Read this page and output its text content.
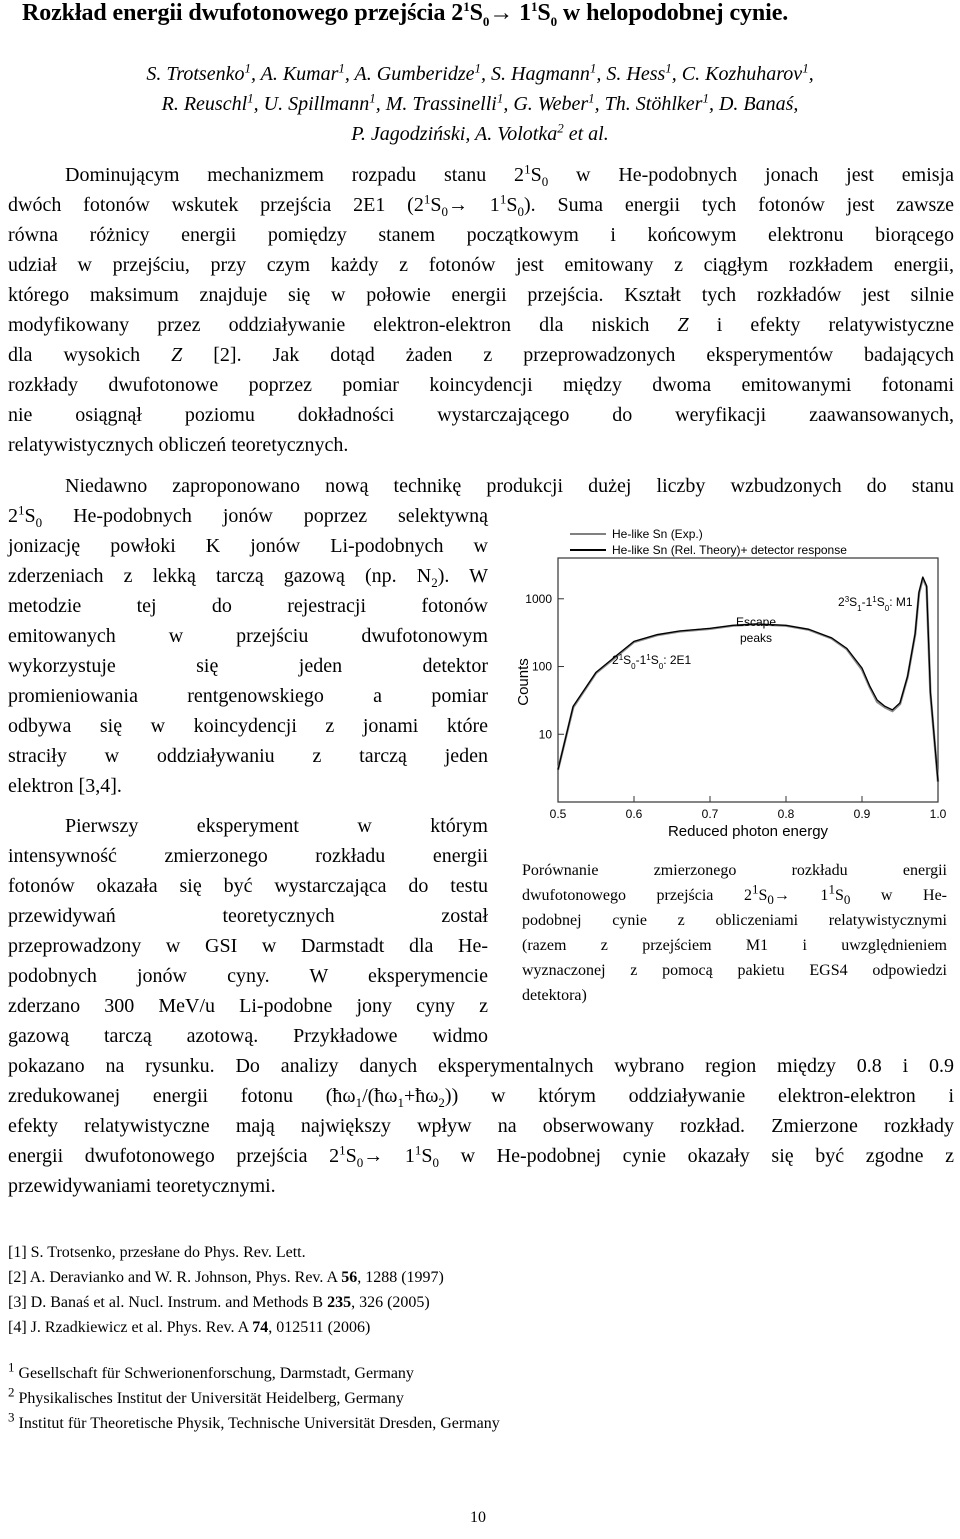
Rozkład energii dwufotonowego przejścia $2^1S_0\to 1^1S_0$ w helopodobnej cynie.
S. Trotsenko$^1$, A. Kumar$^1$, A. Gumberidze$^1$, S. Hagmann$^1$, S. Hess$^1$, C. Kozhuharov$^1$,
R. Reuschl$^1$, U. Spillmann$^1$, M. Trassinelli$^1$, G. Weber$^1$, Th. Stöhlker$^1$, D. Banaś,
P. Jagodziński, A. Volotka$^2$ et al.
Dominującym mechanizmem rozpadu stanu $2^1S_0$ w He-podobnych jonach jest emisja
dwóch fotonów wskutek przejścia 2E1 $(2^1S_0\to 1^1S_0)$. Suma energii tych fotonów jest zawsze
równa różnicy energii pomiędzy stanem początkowym i końcowym elektronu biorącego
udział w przejściu, przy czym każdy z fotonów jest emitowany z ciągłym rozkładem energii,
którego maksimum znajduje się w połowie energii przejścia. Kształt tych rozkładów jest silnie
modyfikowany przez oddziaływanie elektron-elektron dla niskich Z i efekty relatywistyczne
dla wysokich Z [2]. Jak dotąd żaden z przeprowadzonych eksperymentów badających
rozkłady dwufotonowe poprzez pomiar koincydencji między dwoma emitowanymi fotonami
nie osiągnął poziomu dokładności wystarczającego do weryfikacji zaawansowanych,
relatywistycznych obliczeń teoretycznych.
Niedawno zaproponowano nową technikę produkcji dużej liczby wzbudzonych do stanu
$2^1S_0$ He-podobnych jonów poprzez selektywną
jonizację powłoki K jonów Li-podobnych w
zderzeniach z lekką tarczą gazową (np. $N_2$). W
metodzie tej do rejestracji fotonów
emitowanych w przejściu dwufotonowym
wykorzystuje się jeden detektor
promieniowania rentgenowskiego a pomiar
odbywa się w koincydencji z jonami które
straciły w oddziaływaniu z tarczą jeden
elektron [3,4].
Pierwszy eksperyment w którym
intensywność zmierzonego rozkładu energii
fotonów okazała się być wystarczająca do testu
przewidywań teoretycznych został
przeprowadzony w GSI w Darmstadt dla He-
podobnych jonów cyny. W eksperymencie
zderzano 300 MeV/u Li-podobne jony cyny z
gazową tarczą azotową. Przykładowe widmo
pokazano na rysunku. Do analizy danych eksperymentalnych wybrano region między 0.8 i 0.9
zredukowanej energii fotonu $(ħ\omega_1/(ħ\omega_1+ħ\omega_2))$ w którym oddziaływanie elektron-elektron i
efekty relatywistyczne mają największy wpływ na obserwowany rozkład. Zmierzone rozkłady
energii dwufotonowego przejścia $2^1S_0\to 1^1S_0$ w He-podobnej cynie okazały się być zgodne z
przewidywaniami teoretycznymi.
10
100
1000
0.5	0.6	0.7	0.8	0.9	1.0
Counts
Reduced photon energy
He-like Sn (Exp.)
He-like Sn (Rel. Theory)+ detector response
$2^3S_1-1^1S_0$: M1
Escape
peaks
$2^1S_0-1^1S_0$: 2E1
Porównanie zmierzonego rozkładu energii
dwufotonowego przejścia $2^1S_0\to 1^1S_0$ w He-
podobnej cynie z obliczeniami relatywistycznymi
(razem z przejściem M1 i uwzględnieniem
wyznaczonej z pomocą pakietu EGS4 odpowiedzi
detektora)
[1] S. Trotsenko, przesłane do Phys. Rev. Lett.
[2] A. Deravianko and W. R. Johnson, Phys. Rev. A 56, 1288 (1997)
[3] D. Banaś et al. Nucl. Instrum. and Methods B 235, 326 (2005)
[4] J. Rzadkiewicz et al. Phys. Rev. A 74, 012511 (2006)
$^1$ Gesellschaft für Schwerionenforschung, Darmstadt, Germany
$^2$ Physikalisches Institut der Universität Heidelberg, Germany
$^3$ Institut für Theoretische Physik, Technische Universität Dresden, Germany
10
